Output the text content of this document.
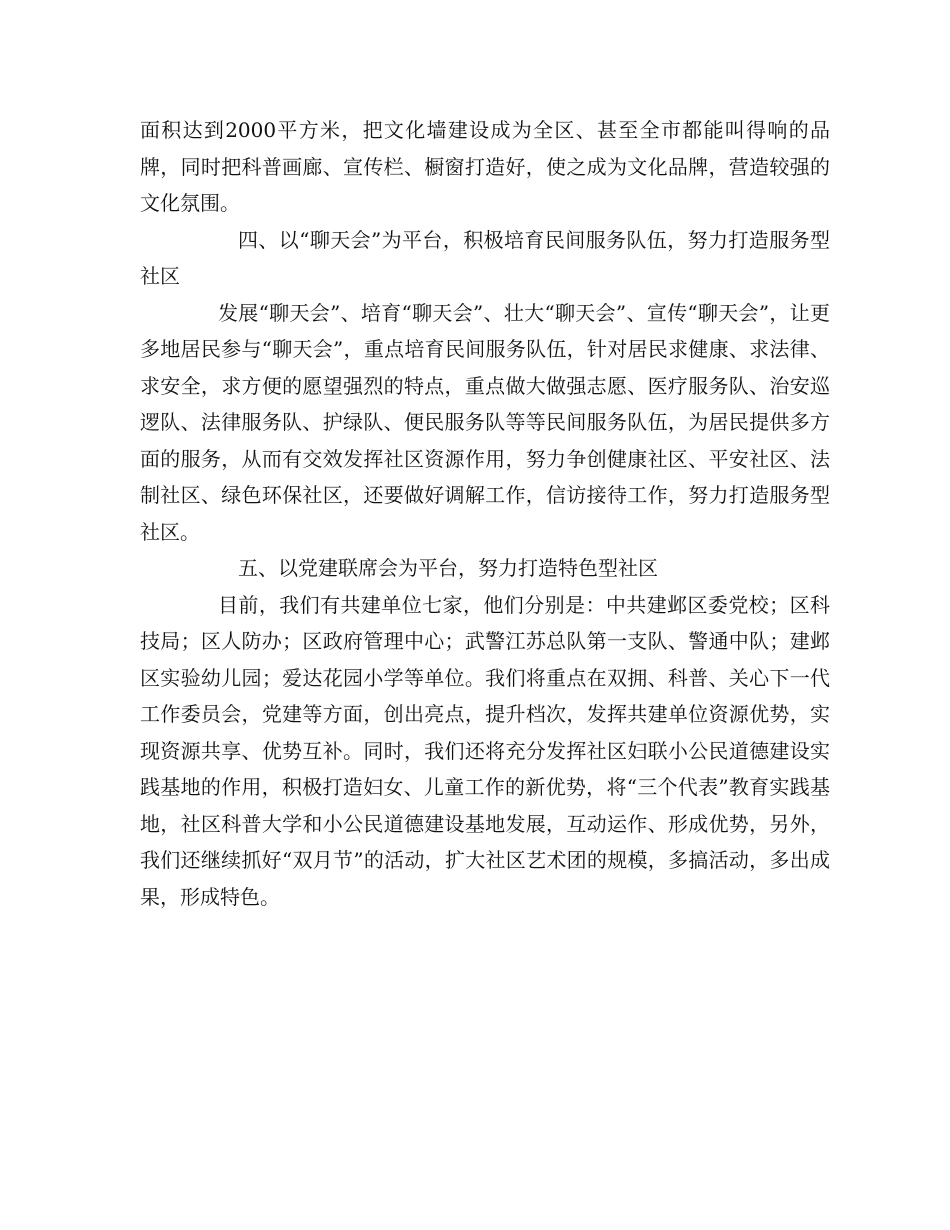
面积达到2000平方米，把文化墙建设成为全区、甚至全市都能叫得响的品牌，同时把科普画廊、宣传栏、橱窗打造好，使之成为文化品牌，营造较强的文化氛围。

四、以“聊天会”为平台，积极培育民间服务队伍，努力打造服务型社区

发展“聊天会”、培育“聊天会”、壮大“聊天会”、宣传“聊天会”，让更多地居民参与“聊天会”，重点培育民间服务队伍，针对居民求健康、求法律、求安全，求方便的愿望强烈的特点，重点做大做强志愿、医疗服务队、治安巡逻队、法律服务队、护绿队、便民服务队等等民间服务队伍，为居民提供多方面的服务，从而有交效发挥社区资源作用，努力争创健康社区、平安社区、法制社区、绿色环保社区，还要做好调解工作，信访接待工作，努力打造服务型社区。

五、以党建联席会为平台，努力打造特色型社区

目前，我们有共建单位七家，他们分别是：中共建邺区委党校；区科技局；区人防办；区政府管理中心；武警江苏总队第一支队、警通中队；建邺区实验幼儿园；爱达花园小学等单位。我们将重点在双拥、科普、关心下一代工作委员会，党建等方面，创出亮点，提升档次，发挥共建单位资源优势，实现资源共享、优势互补。同时，我们还将充分发挥社区妇联小公民道德建设实践基地的作用，积极打造妇女、儿童工作的新优势，将“三个代表”教育实践基地，社区科普大学和小公民道德建设基地发展，互动运作、形成优势，另外，我们还继续抓好“双月节”的活动，扩大社区艺术团的规模，多搞活动，多出成果，形成特色。
